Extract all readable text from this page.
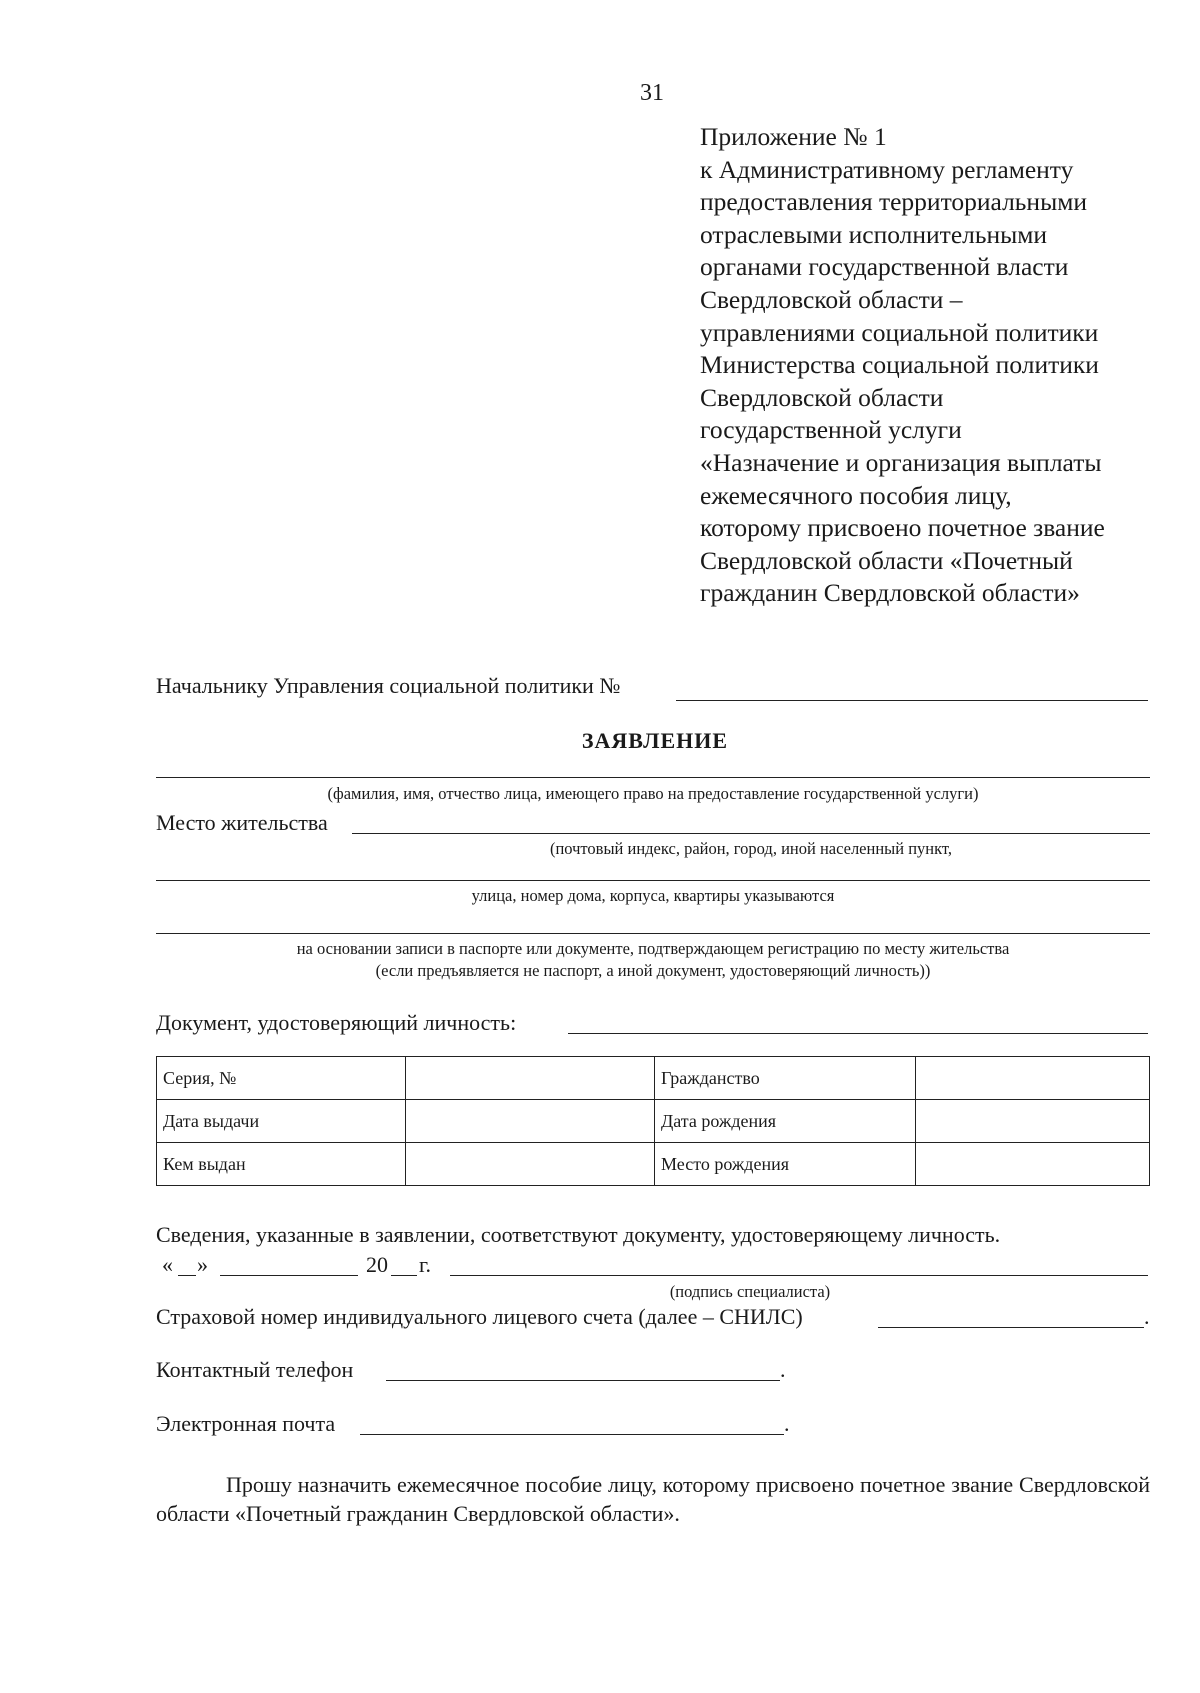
31
Приложение № 1
к Административному регламенту
предоставления территориальными
отраслевыми исполнительными
органами государственной власти
Свердловской области –
управлениями социальной политики
Министерства социальной политики
Свердловской области
государственной услуги
«Назначение и организация выплаты
ежемесячного пособия лицу,
которому присвоено почетное звание
Свердловской области «Почетный
гражданин Свердловской области»
Начальнику Управления социальной политики №
ЗАЯВЛЕНИЕ
(фамилия, имя, отчество лица, имеющего право на предоставление государственной услуги)
Место жительства
(почтовый индекс, район, город, иной населенный пункт,
улица, номер дома, корпуса, квартиры указываются
на основании записи в паспорте или документе, подтверждающем регистрацию по месту жительства
(если предъявляется не паспорт, а иной документ, удостоверяющий личность))
Документ, удостоверяющий личность:
Серия, №		Гражданство	
Дата выдачи		Дата рождения	
Кем выдан		Место рождения	
Сведения, указанные в заявлении, соответствуют документу, удостоверяющему личность.
« »	20 г.
(подпись специалиста)
Страховой номер индивидуального лицевого счета (далее – СНИЛС)	.
Контактный телефон	.
Электронная почта	.
Прошу назначить ежемесячное пособие лицу, которому присвоено почетное звание Свердловской области «Почетный гражданин Свердловской области».
